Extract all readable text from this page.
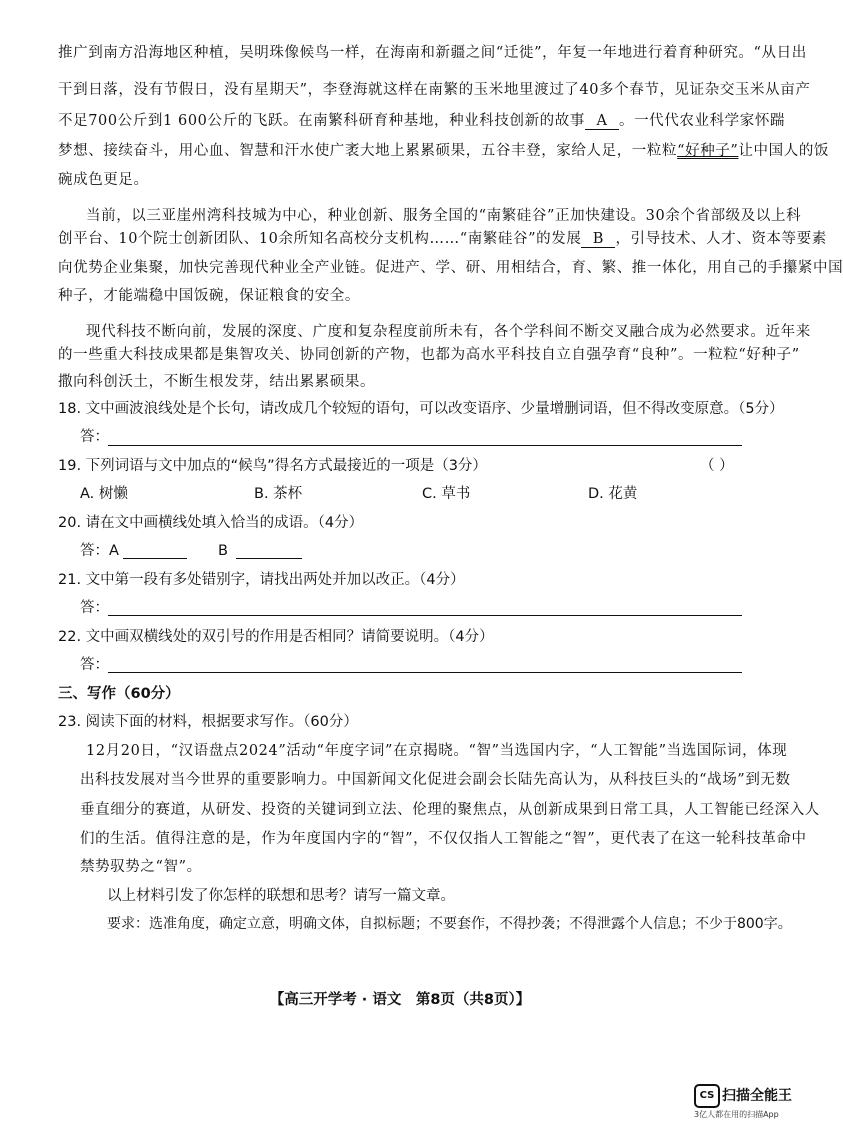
推广到南方沿海地区种植，吴明珠像候鸟一样，在海南和新疆之间“迁徙”，年复一年地进行着育种研究。“从日出
干到日落，没有节假日，没有星期天”，李登海就这样在南繁的玉米地里渡过了40多个春节，见证杂交玉米从亩产
不足700公斤到1 600公斤的飞跃。在南繁科研育种基地，种业科技创新的故事 A 。一代代农业科学家怀踹
梦想、接续奋斗，用心血、智慧和汗水使广袤大地上累累硕果，五谷丰登，家给人足，一粒粒“好种子”让中国人的饭
碗成色更足。
当前，以三亚崖州湾科技城为中心，种业创新、服务全国的“南繁硅谷”正加快建设。30余个省部级及以上科
创平台、10个院士创新团队、10余所知名高校分支机构……“南繁硅谷”的发展 B ，引导技术、人才、资本等要素
向优势企业集聚，加快完善现代种业全产业链。促进产、学、研、用相结合，育、繁、推一体化，用自己的手攥紧中国
种子，才能端稳中国饭碗，保证粮食的安全。
现代科技不断向前，发展的深度、广度和复杂程度前所未有，各个学科间不断交叉融合成为必然要求。近年来
的一些重大科技成果都是集智攻关、协同创新的产物，也都为高水平科技自立自强孕育“良种”。一粒粒“好种子”
撒向科创沃土，不断生根发芽，结出累累硕果。
18. 文中画波浪线处是个长句，请改成几个较短的语句，可以改变语序、少量增删词语，但不得改变原意。（5分）
答：
19. 下列词语与文中加点的“候鸟”得名方式最接近的一项是（3分）	（ ）
A. 树懒	B. 茶杯	C. 草书	D. 花黄
20. 请在文中画横线处填入恰当的成语。（4分）
答：A	B
21. 文中第一段有多处错别字，请找出两处并加以改正。（4分）
答：
22. 文中画双横线处的双引号的作用是否相同？请简要说明。（4分）
答：
三、写作（60分）
23. 阅读下面的材料，根据要求写作。（60分）
12月20日，“汉语盘点2024”活动“年度字词”在京揭晓。“智”当选国内字，“人工智能”当选国际词，体现
出科技发展对当今世界的重要影响力。中国新闻文化促进会副会长陆先高认为，从科技巨头的“战场”到无数
垂直细分的赛道，从研发、投资的关键词到立法、伦理的聚焦点，从创新成果到日常工具，人工智能已经深入人
们的生活。值得注意的是，作为年度国内字的“智”，不仅仅指人工智能之“智”，更代表了在这一轮科技革命中
禁势驭势之“智”。
以上材料引发了你怎样的联想和思考？请写一篇文章。
要求：选准角度，确定立意，明确文体，自拟标题；不要套作，不得抄袭；不得泄露个人信息；不少于800字。
【高三开学考 · 语文　第8页（共8页）】
CS 扫描全能王
3亿人都在用的扫描App
